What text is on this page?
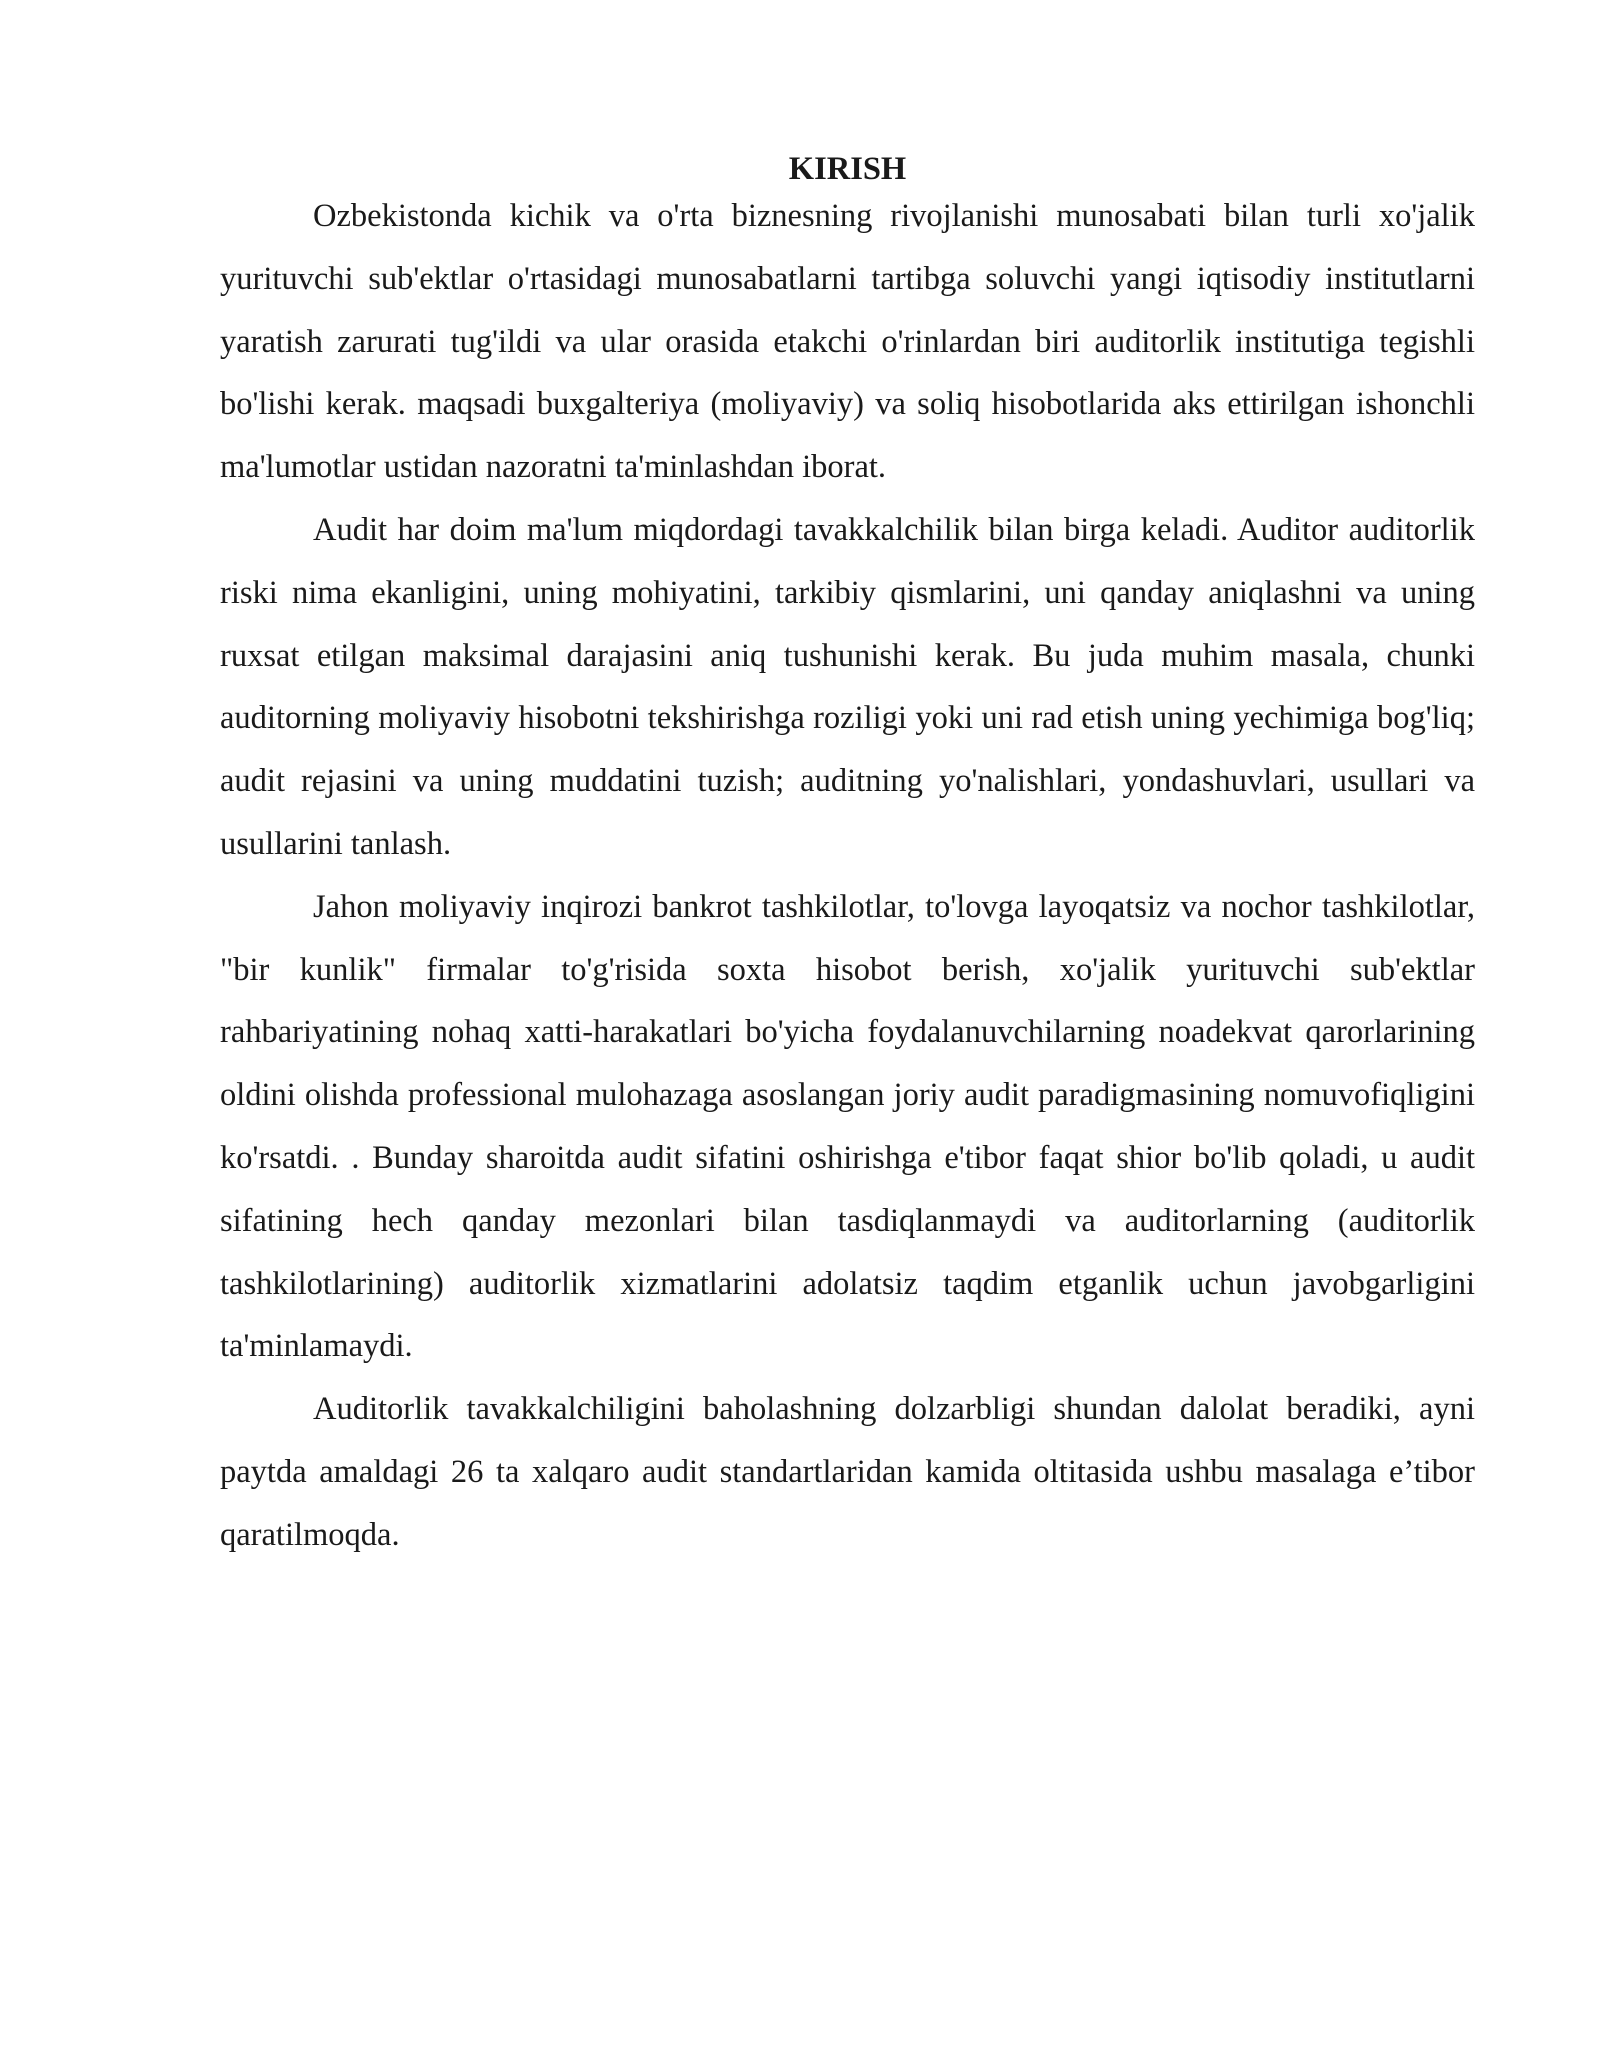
KIRISH

Ozbekistonda kichik va o'rta biznesning rivojlanishi munosabati bilan turli xo'jalik yurituvchi sub'ektlar o'rtasidagi munosabatlarni tartibga soluvchi yangi iqtisodiy institutlarni yaratish zarurati tug'ildi va ular orasida etakchi o'rinlardan biri auditorlik institutiga tegishli bo'lishi kerak. maqsadi buxgalteriya (moliyaviy) va soliq hisobotlarida aks ettirilgan ishonchli ma'lumotlar ustidan nazoratni ta'minlashdan iborat.

Audit har doim ma'lum miqdordagi tavakkalchilik bilan birga keladi. Auditor auditorlik riski nima ekanligini, uning mohiyatini, tarkibiy qismlarini, uni qanday aniqlashni va uning ruxsat etilgan maksimal darajasini aniq tushunishi kerak. Bu juda muhim masala, chunki auditorning moliyaviy hisobotni tekshirishga roziligi yoki uni rad etish uning yechimiga bog'liq; audit rejasini va uning muddatini tuzish; auditning yo'nalishlari, yondashuvlari, usullari va usullarini tanlash.

Jahon moliyaviy inqirozi bankrot tashkilotlar, to'lovga layoqatsiz va nochor tashkilotlar, "bir kunlik" firmalar to'g'risida soxta hisobot berish, xo'jalik yurituvchi sub'ektlar rahbariyatining nohaq xatti-harakatlari bo'yicha foydalanuvchilarning noadekvat qarorlarining oldini olishda professional mulohazaga asoslangan joriy audit paradigmasining nomuvofiqligini ko'rsatdi. . Bunday sharoitda audit sifatini oshirishga e'tibor faqat shior bo'lib qoladi, u audit sifatining hech qanday mezonlari bilan tasdiqlanmaydi va auditorlarning (auditorlik tashkilotlarining) auditorlik xizmatlarini adolatsiz taqdim etganlik uchun javobgarligini ta'minlamaydi.

Auditorlik tavakkalchiligini baholashning dolzarbligi shundan dalolat beradiki, ayni paytda amaldagi 26 ta xalqaro audit standartlaridan kamida oltitasida ushbu masalaga e’tibor qaratilmoqda.
